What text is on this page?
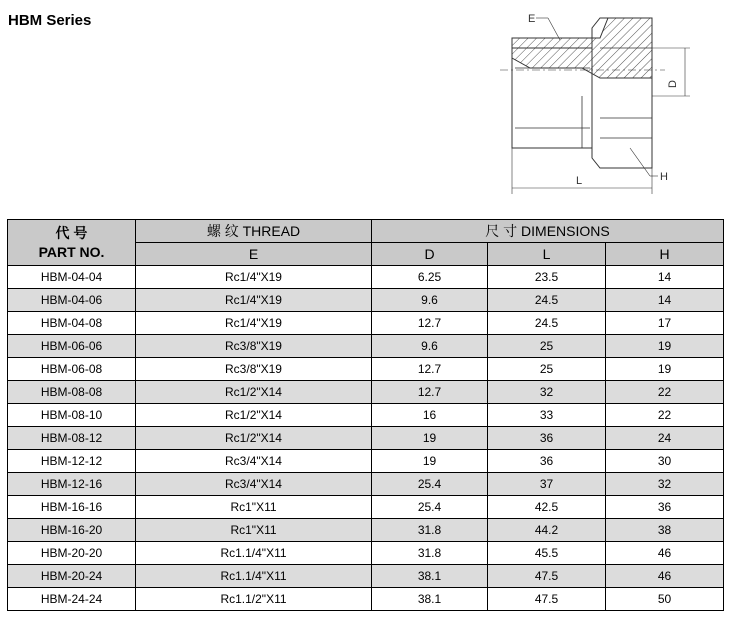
HBM Series
D
L
E
H
代 号
PART NO.	螺 纹 THREAD	尺 寸 DIMENSIONS		
	E	D	L	H
HBM-04-04	Rc1/4"X19	6.25	23.5	14
HBM-04-06	Rc1/4"X19	9.6	24.5	14
HBM-04-08	Rc1/4"X19	12.7	24.5	17
HBM-06-06	Rc3/8"X19	9.6	25	19
HBM-06-08	Rc3/8"X19	12.7	25	19
HBM-08-08	Rc1/2"X14	12.7	32	22
HBM-08-10	Rc1/2"X14	16	33	22
HBM-08-12	Rc1/2"X14	19	36	24
HBM-12-12	Rc3/4"X14	19	36	30
HBM-12-16	Rc3/4"X14	25.4	37	32
HBM-16-16	Rc1"X11	25.4	42.5	36
HBM-16-20	Rc1"X11	31.8	44.2	38
HBM-20-20	Rc1.1/4"X11	31.8	45.5	46
HBM-20-24	Rc1.1/4"X11	38.1	47.5	46
HBM-24-24	Rc1.1/2"X11	38.1	47.5	50
